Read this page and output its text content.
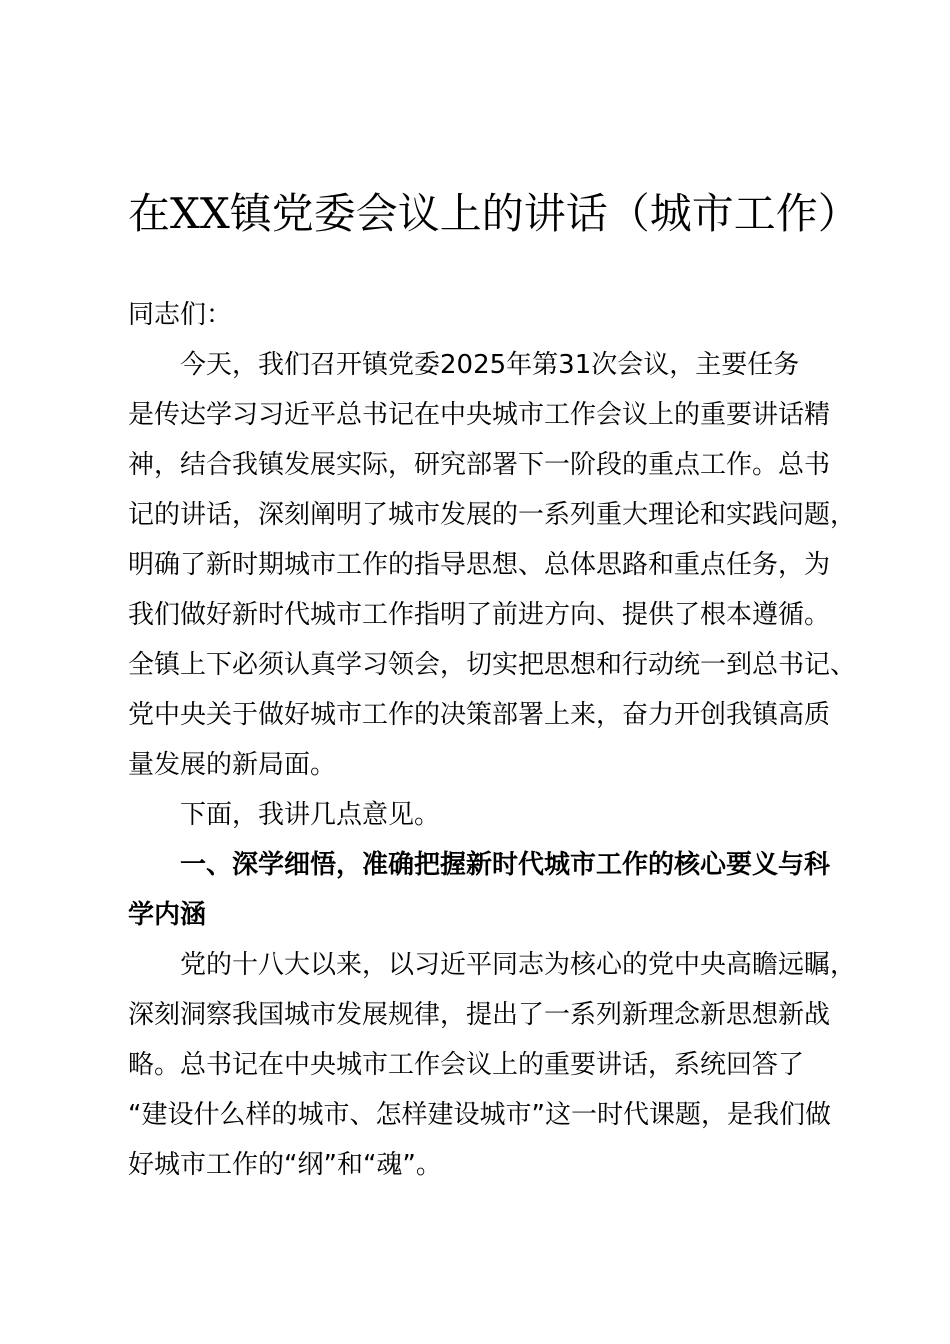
在XX镇党委会议上的讲话（城市工作）

同志们：

今天，我们召开镇党委2025年第31次会议，主要任务

是传达学习习近平总书记在中央城市工作会议上的重要讲话精

神，结合我镇发展实际，研究部署下一阶段的重点工作。总书

记的讲话，深刻阐明了城市发展的一系列重大理论和实践问题，

明确了新时期城市工作的指导思想、总体思路和重点任务，为

我们做好新时代城市工作指明了前进方向、提供了根本遵循。

全镇上下必须认真学习领会，切实把思想和行动统一到总书记、

党中央关于做好城市工作的决策部署上来，奋力开创我镇高质

量发展的新局面。

下面，我讲几点意见。

一、深学细悟，准确把握新时代城市工作的核心要义与科

学内涵

党的十八大以来，以习近平同志为核心的党中央高瞻远瞩，

深刻洞察我国城市发展规律，提出了一系列新理念新思想新战

略。总书记在中央城市工作会议上的重要讲话，系统回答了

“建设什么样的城市、怎样建设城市”这一时代课题，是我们做

好城市工作的“纲”和“魂”。
